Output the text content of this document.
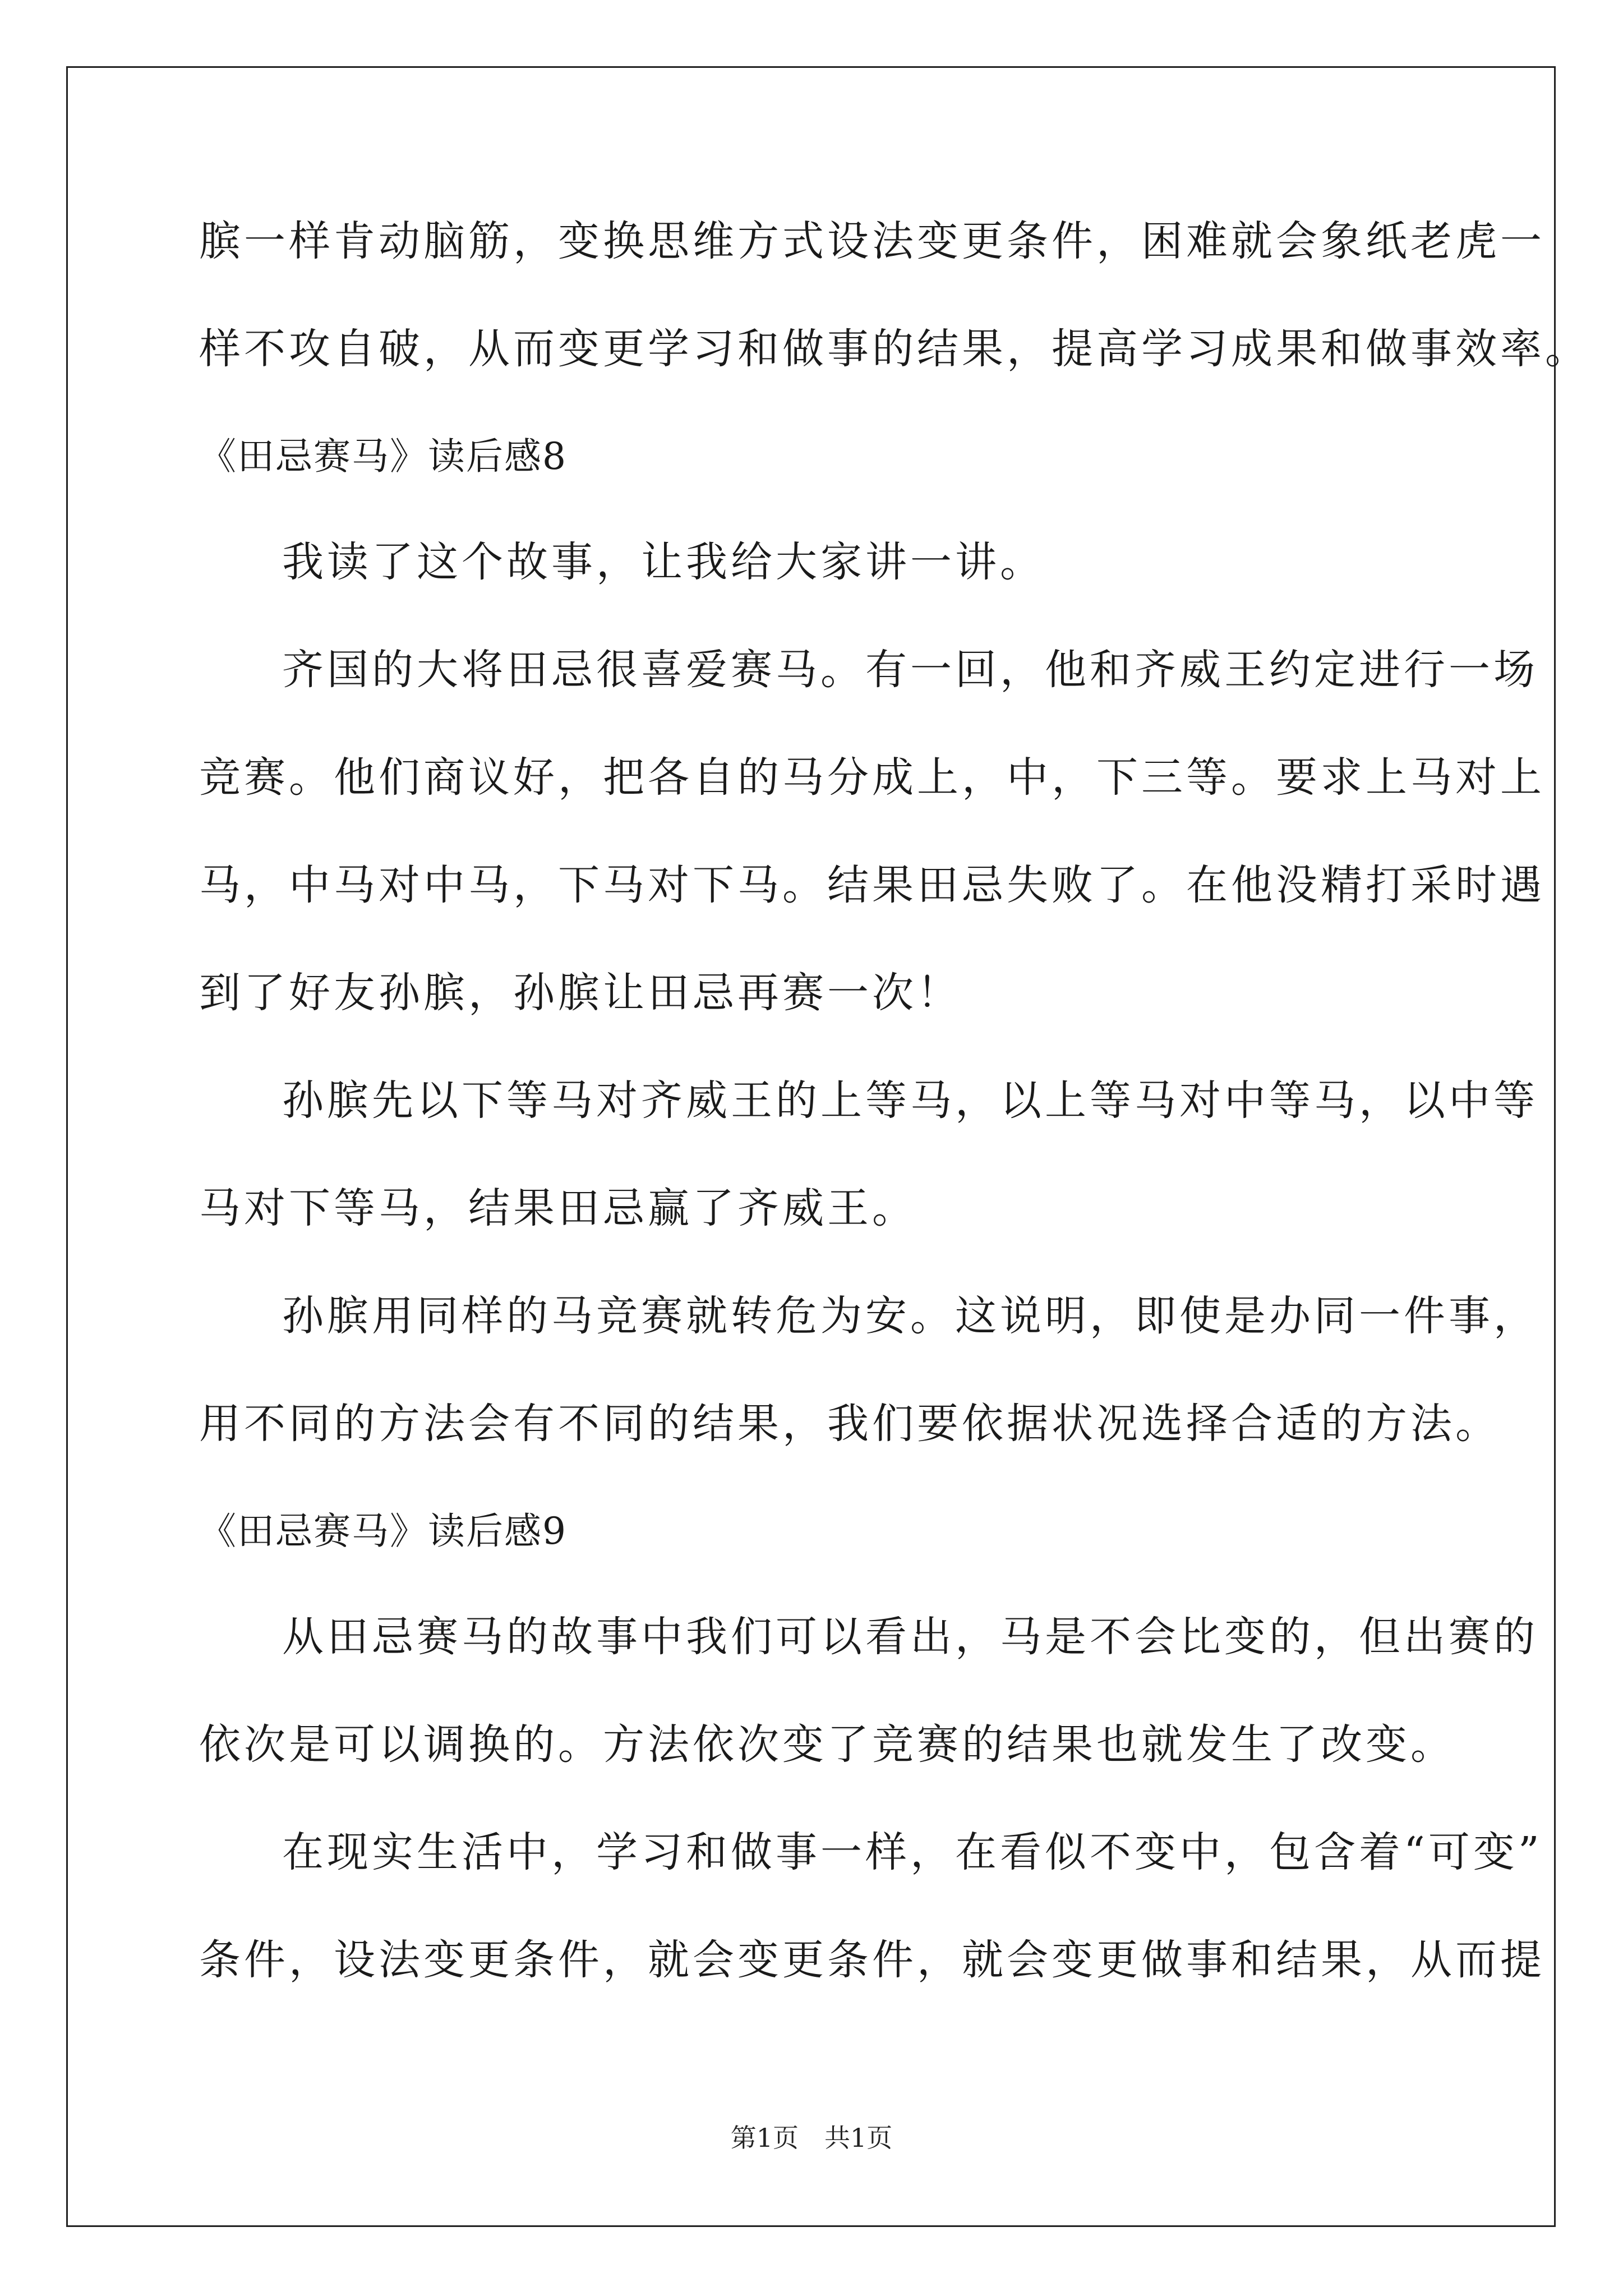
膑一样肯动脑筋，变换思维方式设法变更条件，困难就会象纸老虎一
样不攻自破，从而变更学习和做事的结果，提高学习成果和做事效率。
《田忌赛马》读后感8
我读了这个故事，让我给大家讲一讲。
齐国的大将田忌很喜爱赛马。有一回，他和齐威王约定进行一场
竞赛。他们商议好，把各自的马分成上，中，下三等。要求上马对上
马，中马对中马，下马对下马。结果田忌失败了。在他没精打采时遇
到了好友孙膑，孙膑让田忌再赛一次！
孙膑先以下等马对齐威王的上等马，以上等马对中等马，以中等
马对下等马，结果田忌赢了齐威王。
孙膑用同样的马竞赛就转危为安。这说明，即使是办同一件事，
用不同的方法会有不同的结果，我们要依据状况选择合适的方法。
《田忌赛马》读后感9
从田忌赛马的故事中我们可以看出，马是不会比变的，但出赛的
依次是可以调换的。方法依次变了竞赛的结果也就发生了改变。
在现实生活中，学习和做事一样，在看似不变中，包含着“可变”
条件，设法变更条件，就会变更条件，就会变更做事和结果，从而提
第1页　共1页
